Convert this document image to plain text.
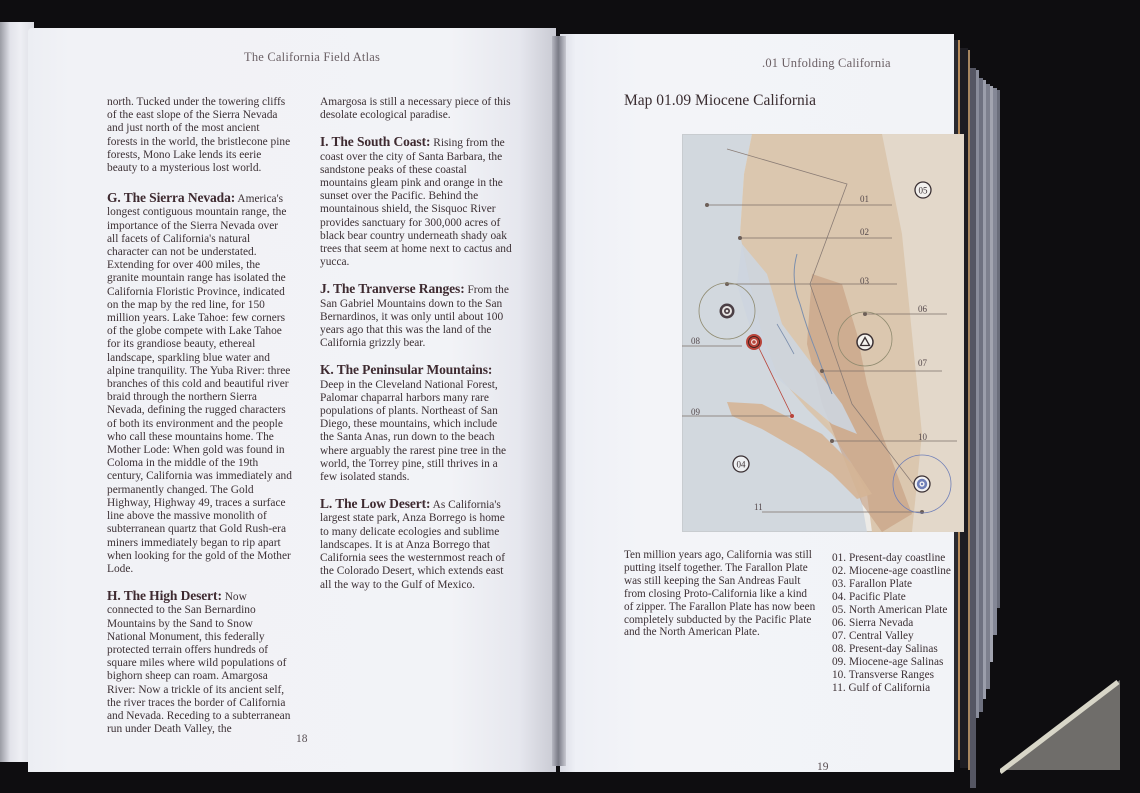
The California Field Atlas

north. Tucked under the towering cliffs of the east slope of the Sierra Nevada and just north of the most ancient forests in the world, the bristlecone pine forests, Mono Lake lends its eerie beauty to a mysterious lost world.

G. The Sierra Nevada: America's longest contiguous mountain range, the importance of the Sierra Nevada over all facets of California's natural character can not be understated. Extending for over 400 miles, the granite mountain range has isolated the California Floristic Province, indicated on the map by the red line, for 150 million years. Lake Tahoe: few corners of the globe compete with Lake Tahoe for its grandiose beauty, ethereal landscape, sparkling blue water and alpine tranquility. The Yuba River: three branches of this cold and beautiful river braid through the northern Sierra Nevada, defining the rugged characters of both its environment and the people who call these mountains home. The Mother Lode: When gold was found in Coloma in the middle of the 19th century, California was immediately and permanently changed. The Gold Highway, Highway 49, traces a surface line above the massive monolith of subterranean quartz that Gold Rush-era miners immediately began to rip apart when looking for the gold of the Mother Lode.

H. The High Desert: Now connected to the San Bernardino Mountains by the Sand to Snow National Monument, this federally protected terrain offers hundreds of square miles where wild populations of bighorn sheep can roam. Amargosa River: Now a trickle of its ancient self, the river traces the border of California and Nevada. Receding to a subterranean run under Death Valley, the

Amargosa is still a necessary piece of this desolate ecological paradise.

I. The South Coast: Rising from the coast over the city of Santa Barbara, the sandstone peaks of these coastal mountains gleam pink and orange in the sunset over the Pacific. Behind the mountainous shield, the Sisquoc River provides sanctuary for 300,000 acres of black bear country underneath shady oak trees that seem at home next to cactus and yucca.

J. The Tranverse Ranges: From the San Gabriel Mountains down to the San Bernardinos, it was only until about 100 years ago that this was the land of the California grizzly bear.

K. The Peninsular Mountains: Deep in the Cleveland National Forest, Palomar chaparral harbors many rare populations of plants. Northeast of San Diego, these mountains, which include the Santa Anas, run down to the beach where arguably the rarest pine tree in the world, the Torrey pine, still thrives in a few isolated stands.

L. The Low Desert: As California's largest state park, Anza Borrego is home to many delicate ecologies and sublime landscapes. It is at Anza Borrego that California sees the westernmost reach of the Colorado Desert, which extends east all the way to the Gulf of Mexico.

18
.01 Unfolding California
Map 01.09 Miocene California
05
04
01
02
03
06
07
08
09
10
11
Ten million years ago, California was still putting itself together. The Farallon Plate was still keeping the San Andreas Fault from closing Proto-California like a kind of zipper. The Farallon Plate has now been completely subducted by the Pacific Plate and the North American Plate.
01. Present-day coastline
02. Miocene-age coastline
03. Farallon Plate
04. Pacific Plate
05. North American Plate
06. Sierra Nevada
07. Central Valley
08. Present-day Salinas
09. Miocene-age Salinas
10. Transverse Ranges
11. Gulf of California
19
